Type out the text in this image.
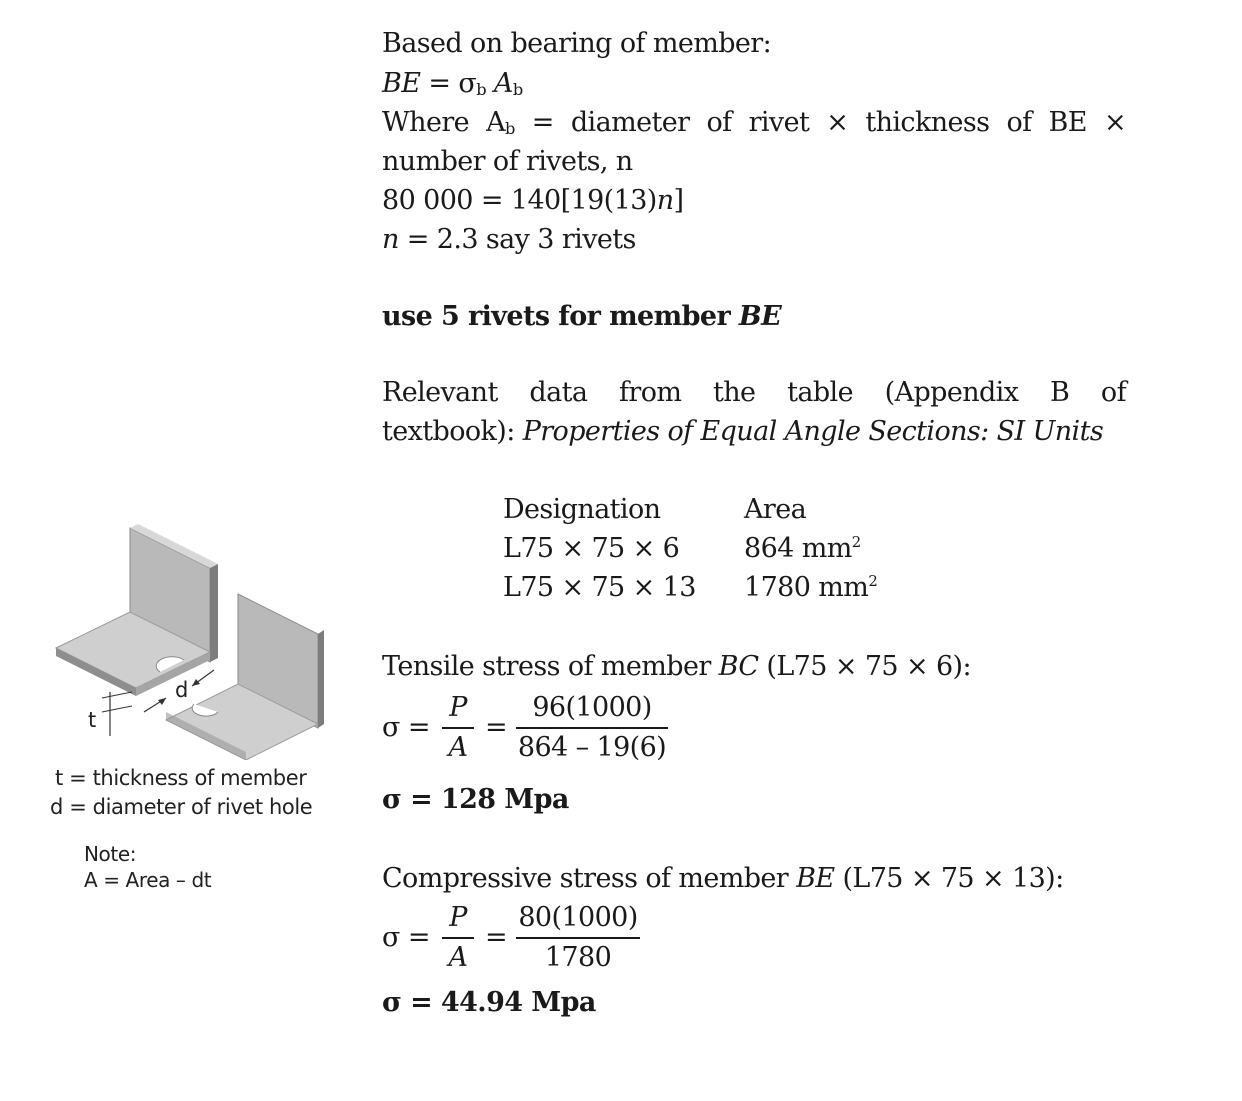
t
d
t = thickness of member
d = diameter of rivet hole
Note:
A = Area – dt
Based on bearing of member:
BE = $\sigma_b$ $A_b$
Where $A_b$ = diameter of rivet × thickness of BE ×
number of rivets, n
80 000 = 140[19(13)n]
n = 2.3 say 3 rivets
use 5 rivets for member BE
Relevant data from the table (Appendix B of
textbook): Properties of Equal Angle Sections: SI Units
Designation	Area
L75 × 75 × 6 864 $mm^2$
L75 × 75 × 13 1780 $mm^2$
Tensile stress of member BC (L75 × 75 × 6):
σ =
P
A
=
96(1000)
864 – 19(6)
σ = 128 Mpa
Compressive stress of member BE (L75 × 75 × 13):
σ =
P
A
=
80(1000)
1780
σ = 44.94 Mpa
